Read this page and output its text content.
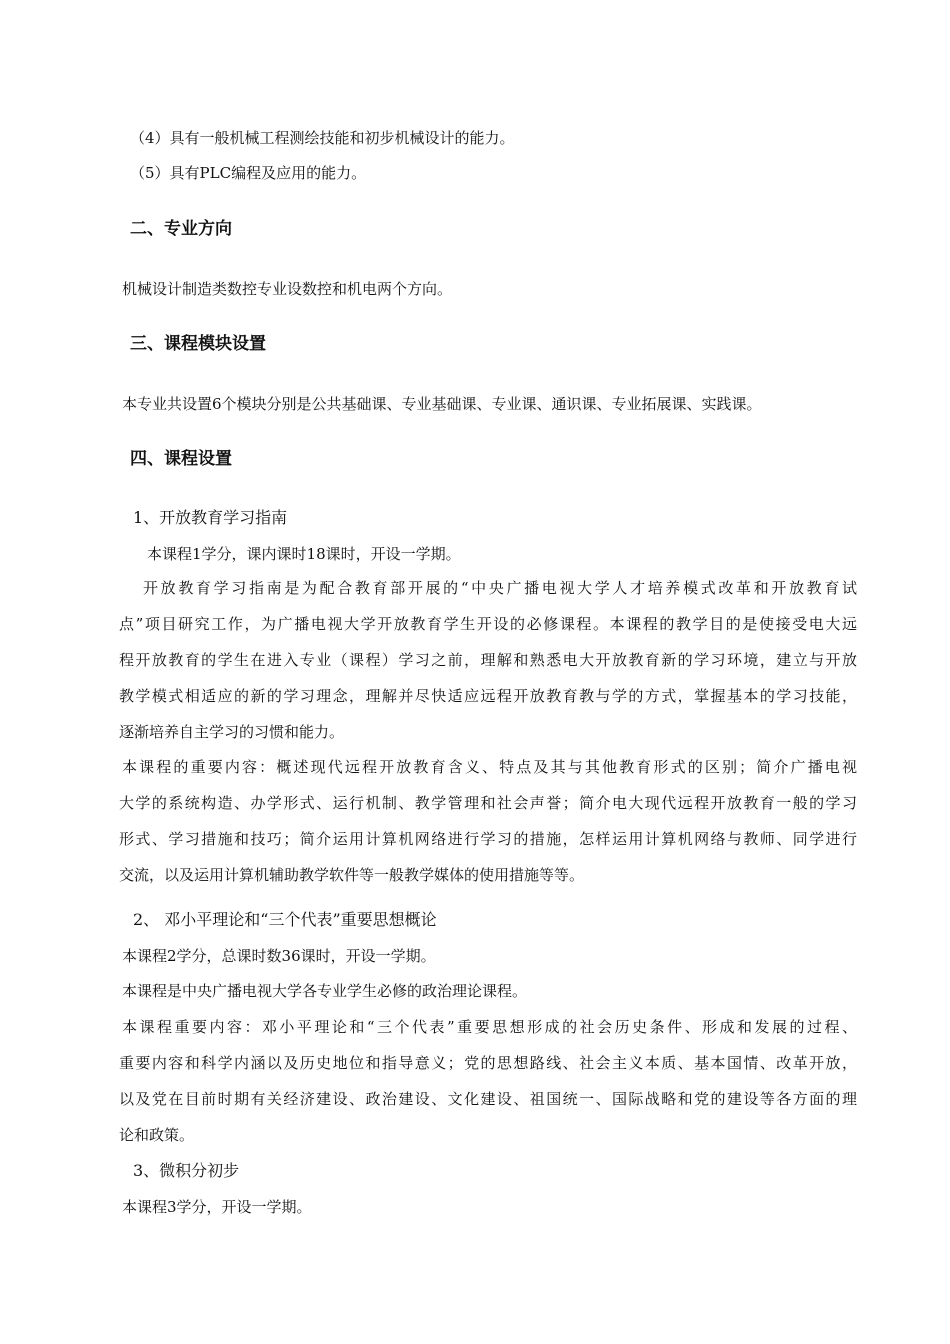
（4）具有一般机械工程测绘技能和初步机械设计的能力。
（5）具有PLC编程及应用的能力。
二、专业方向
机械设计制造类数控专业设数控和机电两个方向。
三、课程模块设置
本专业共设置6个模块分别是公共基础课、专业基础课、专业课、通识课、专业拓展课、实践课。
四、课程设置
1、开放教育学习指南
本课程1学分，课内课时18课时，开设一学期。
开放教育学习指南是为配合教育部开展的“中央广播电视大学人才培养模式改革和开放教育试
点”项目研究工作，为广播电视大学开放教育学生开设的必修课程。本课程的教学目的是使接受电大远
程开放教育的学生在进入专业（课程）学习之前，理解和熟悉电大开放教育新的学习环境，建立与开放
教学模式相适应的新的学习理念，理解并尽快适应远程开放教育教与学的方式，掌握基本的学习技能，
逐渐培养自主学习的习惯和能力。
本课程的重要内容：概述现代远程开放教育含义、特点及其与其他教育形式的区别；简介广播电视
大学的系统构造、办学形式、运行机制、教学管理和社会声誉；简介电大现代远程开放教育一般的学习
形式、学习措施和技巧；简介运用计算机网络进行学习的措施，怎样运用计算机网络与教师、同学进行
交流，以及运用计算机辅助教学软件等一般教学媒体的使用措施等等。
2、 邓小平理论和“三个代表”重要思想概论
本课程2学分，总课时数36课时，开设一学期。
本课程是中央广播电视大学各专业学生必修的政治理论课程。
本课程重要内容：邓小平理论和“三个代表”重要思想形成的社会历史条件、形成和发展的过程、
重要内容和科学内涵以及历史地位和指导意义；党的思想路线、社会主义本质、基本国情、改革开放，
以及党在目前时期有关经济建设、政治建设、文化建设、祖国统一、国际战略和党的建设等各方面的理
论和政策。
3、微积分初步
本课程3学分，开设一学期。
